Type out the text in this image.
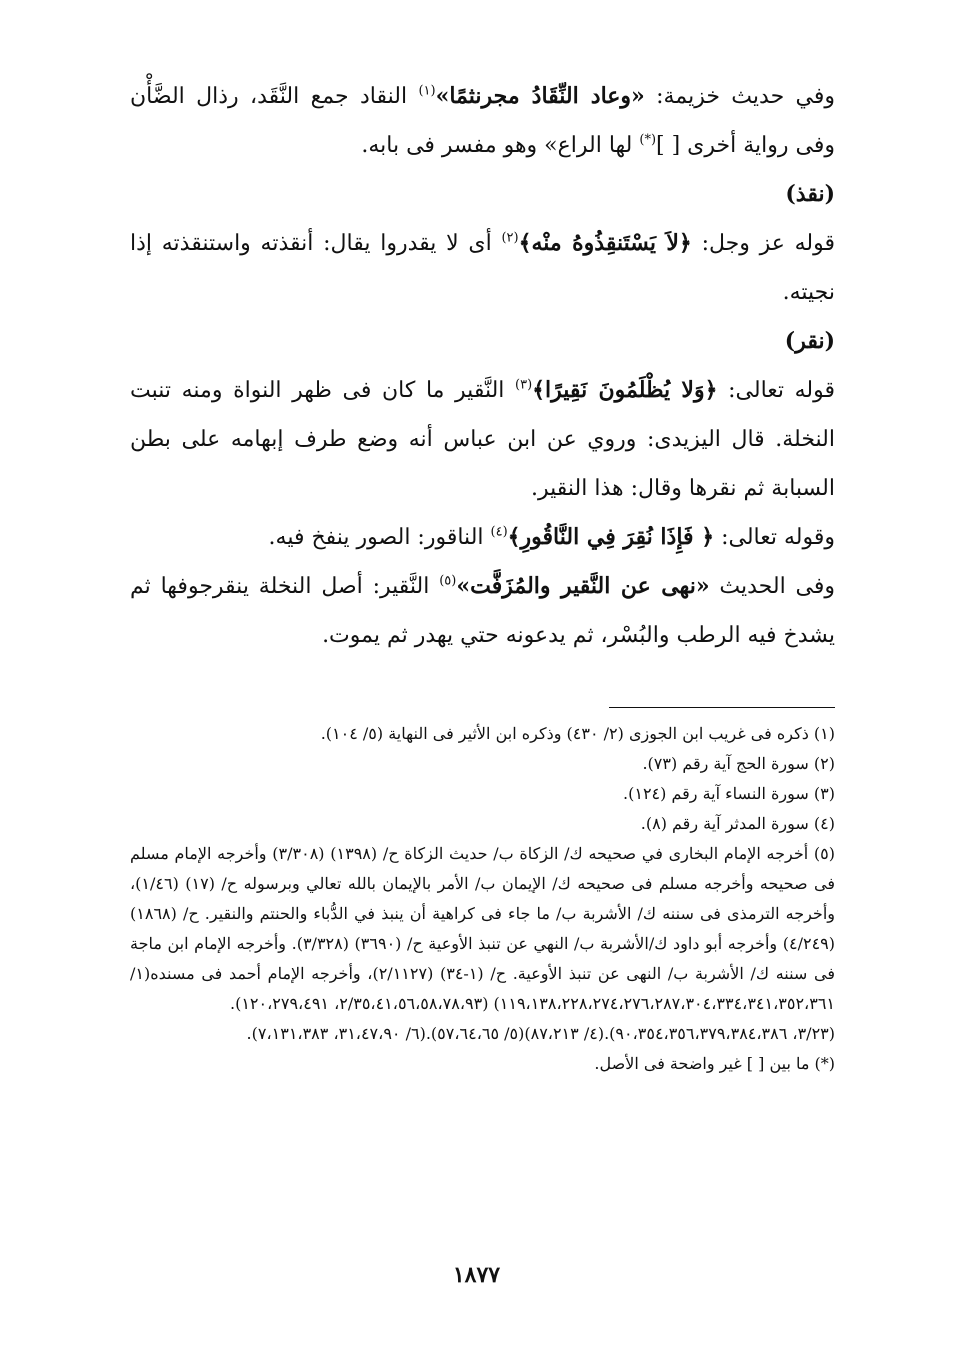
وفي حديث خزيمة: «وعاد النِّقَادُ مجرنثمًا»$^{(١)}$ النقاد جمع النَّقَد، رذال الضَّأْن وفى رواية أخرى [ ](*) لها الراع» وهو مفسر فى بابه.

(نقذ)

قوله عز وجل: ﴿لاَ يَسْتَنقِذُوهُ منْه﴾$^{(٢)}$ أى لا يقدروا يقال: أنقذته واستنقذته إذا نجيته.

(نقر)

قوله تعالى: ﴿وَلا يُظْلَمُونَ نَقِيرًا﴾$^{(٣)}$ النَّقير ما كان فى ظهر النواة ومنه تنبت النخلة. قال اليزيدى: وروي عن ابن عباس أنه وضع طرف إبهامه على بطن السبابة ثم نقرها وقال: هذا النقير.

وقوله تعالى: ﴿ فَإِذَا نُقِرَ فِي النَّاقُورِ﴾$^{(٤)}$ الناقور: الصور ينفخ فيه.

وفى الحديث «نهى عن النَّقير والمُزَفَّت»$^{(٥)}$ النَّقير: أصل النخلة ينقرجوفها ثم يشدخ فيه الرطب والبُسْر، ثم يدعونه حتي يهدر ثم يموت.

(١) ذكره فى غريب ابن الجوزى (٢/ ٤٣٠) وذكره ابن الأثير فى النهاية (٥/ ١٠٤).

(٢) سورة الحج آية رقم (٧٣).

(٣) سورة النساء آية رقم (١٢٤).

(٤) سورة المدثر آية رقم (٨).

(٥) أخرجه الإمام البخارى في صحيحه ك/ الزكاة ب/ حديث الزكاة ح/ (١٣٩٨) (٣/٣٠٨) وأخرجه الإمام مسلم فى صحيحه وأخرجه مسلم فى صحيحه ك/ الإيمان ب/ الأمر بالإيمان بالله تعالي وبرسوله ح/ (١٧) (١/٤٦)، وأخرجه الترمذى فى سننه ك/ الأشربة ب/ ما جاء فى كراهية أن ينبذ في الدُّباء والحنتم والنقير. ح/ (١٨٦٨) (٤/٢٤٩) وأخرجه أبو داود ك/الأشربة ب/ النهي عن تنبذ الأوعية ح/ (٣٦٩٠) (٣/٣٢٨). وأخرجه الإمام ابن ماجة فى سننه ك/ الأشربة ب/ النهى عن تنبذ الأوعية. ح/ (١-٣٤) (٢/١١٢٧)، وأخرجه الإمام أحمد فى مسنده(١/ ١١٩،١٣٨،٢٢٨،٢٧٤،٢٧٦،٢٨٧،٣٠٤،٣٣٤،٣٤١،٣٥٢،٣٦١) (٢/٣٥،٤١،٥٦،٥٨،٧٨،٩٣، ١٢٠،٢٧٩،٤٩١).

(٣/٢٣، ٩٠،٣٥٤،٣٥٦،٣٧٩،٣٨٤،٣٨٦).(٤/ ٨٧،٢١٣)(٥/ ٥٧،٦٤،٦٥).(٦/ ٣١،٤٧،٩٠، ٧،١٣١،٣٨٣).

(*) ما بين [ ] غير واضحة فى الأصل.

١٨٧٧
